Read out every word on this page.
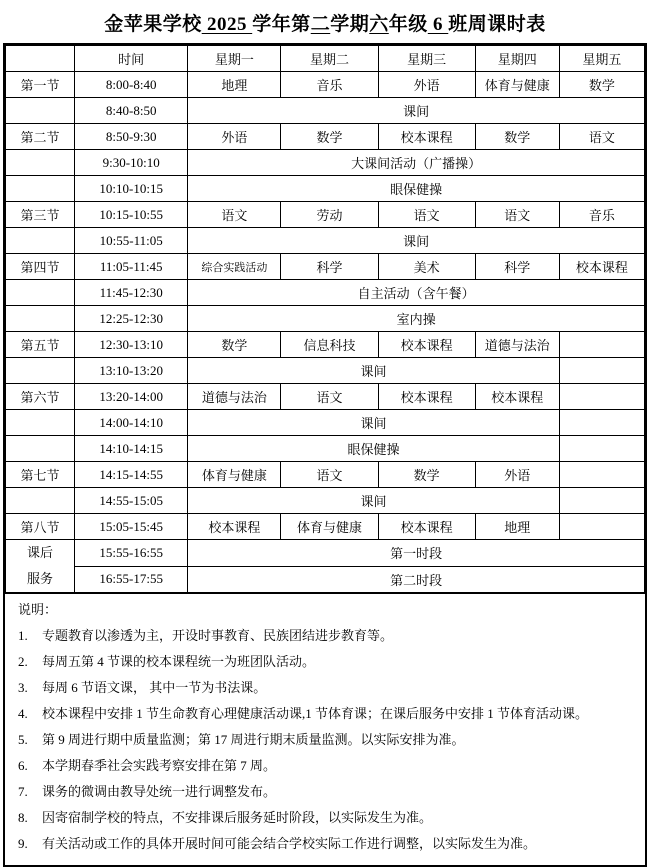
金苹果学校 2025 学年第二学期六年级 6 班周课时表
	时间	星期一	星期二	星期三	星期四	星期五
第一节	8:00-8:40	地理	音乐	外语	体育与健康	数学
	8:40-8:50	课间				
第二节	8:50-9:30	外语	数学	校本课程	数学	语文
	9:30-10:10	大课间活动（广播操）				
	10:10-10:15	眼保健操				
第三节	10:15-10:55	语文	劳动	语文	语文	音乐
	10:55-11:05	课间				
第四节	11:05-11:45	综合实践活动	科学	美术	科学	校本课程
	11:45-12:30	自主活动（含午餐）				
	12:25-12:30	室内操				
第五节	12:30-13:10	数学	信息科技	校本课程	道德与法治	
	13:10-13:20	课间				
第六节	13:20-14:00	道德与法治	语文	校本课程	校本课程	
	14:00-14:10	课间				
	14:10-14:15	眼保健操				
第七节	14:15-14:55	体育与健康	语文	数学	外语	
	14:55-15:05	课间				
第八节	15:05-15:45	校本课程	体育与健康	校本课程	地理	

课后服务	15:55-16:55	第一时段				
	16:55-17:55	第二时段				
说明：
1.	专题教育以渗透为主，开设时事教育、民族团结进步教育等。
2.	每周五第 4 节课的校本课程统一为班团队活动。
3.	每周 6 节语文课， 其中一节为书法课。
4.	校本课程中安排 1 节生命教育心理健康活动课,1 节体育课；在课后服务中安排 1 节体育活动课。
5.	第 9 周进行期中质量监测；第 17 周进行期末质量监测。以实际安排为准。
6.	本学期春季社会实践考察安排在第 7 周。
7.	课务的微调由教导处统一进行调整发布。
8.	因寄宿制学校的特点，不安排课后服务延时阶段，以实际发生为准。
9.	有关活动或工作的具体开展时间可能会结合学校实际工作进行调整，以实际发生为准。
